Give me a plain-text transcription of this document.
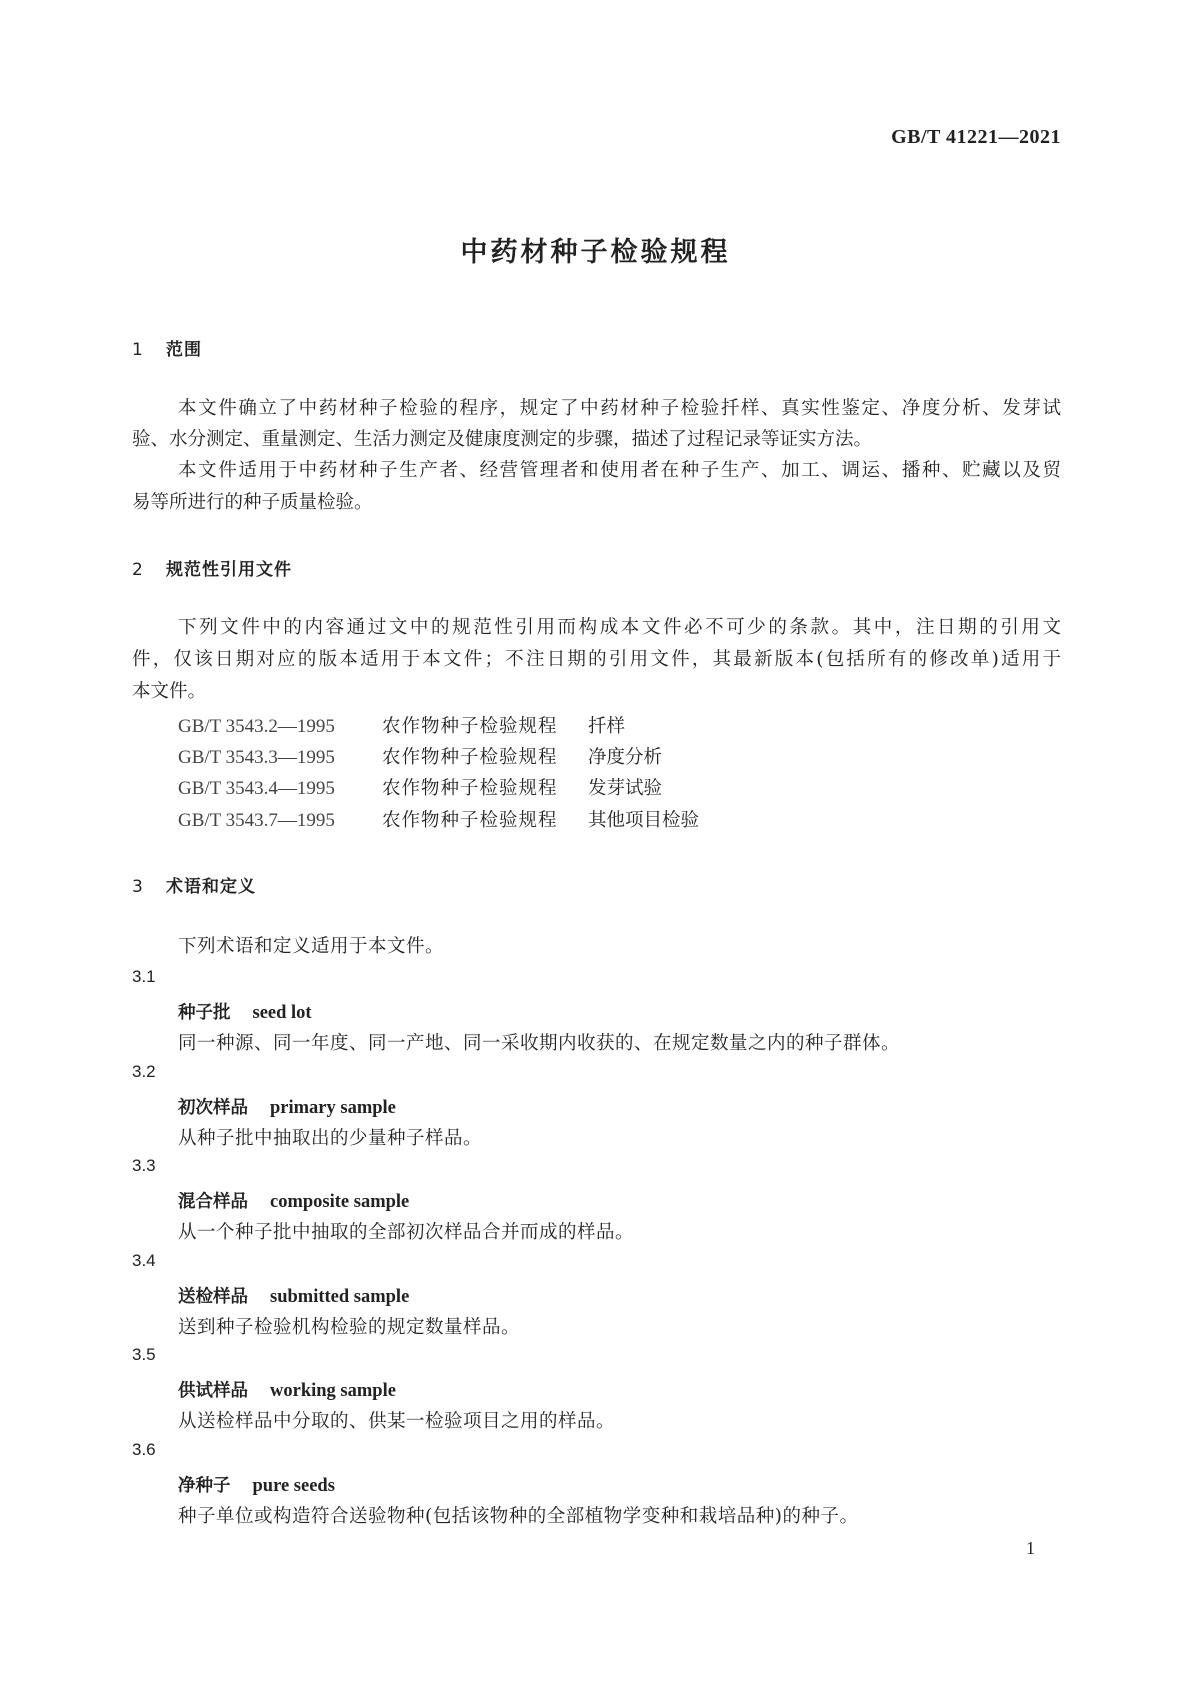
GB/T 41221—2021
中药材种子检验规程
1 范围
本文件确立了中药材种子检验的程序，规定了中药材种子检验扦样、真实性鉴定、净度分析、发芽试
验、水分测定、重量测定、生活力测定及健康度测定的步骤，描述了过程记录等证实方法。
本文件适用于中药材种子生产者、经营管理者和使用者在种子生产、加工、调运、播种、贮藏以及贸
易等所进行的种子质量检验。
2 规范性引用文件
下列文件中的内容通过文中的规范性引用而构成本文件必不可少的条款。其中，注日期的引用文
件，仅该日期对应的版本适用于本文件；不注日期的引用文件，其最新版本(包括所有的修改单)适用于
本文件。
GB/T 3543.2—1995	农作物种子检验规程 扦样
GB/T 3543.3—1995	农作物种子检验规程 净度分析
GB/T 3543.4—1995	农作物种子检验规程 发芽试验
GB/T 3543.7—1995	农作物种子检验规程 其他项目检验
3 术语和定义
下列术语和定义适用于本文件。
3.1
种子批 seed lot
同一种源、同一年度、同一产地、同一采收期内收获的、在规定数量之内的种子群体。
3.2
初次样品 primary sample
从种子批中抽取出的少量种子样品。
3.3
混合样品 composite sample
从一个种子批中抽取的全部初次样品合并而成的样品。
3.4
送检样品 submitted sample
送到种子检验机构检验的规定数量样品。
3.5
供试样品 working sample
从送检样品中分取的、供某一检验项目之用的样品。
3.6
净种子 pure seeds
种子单位或构造符合送验物种(包括该物种的全部植物学变种和栽培品种)的种子。
1
